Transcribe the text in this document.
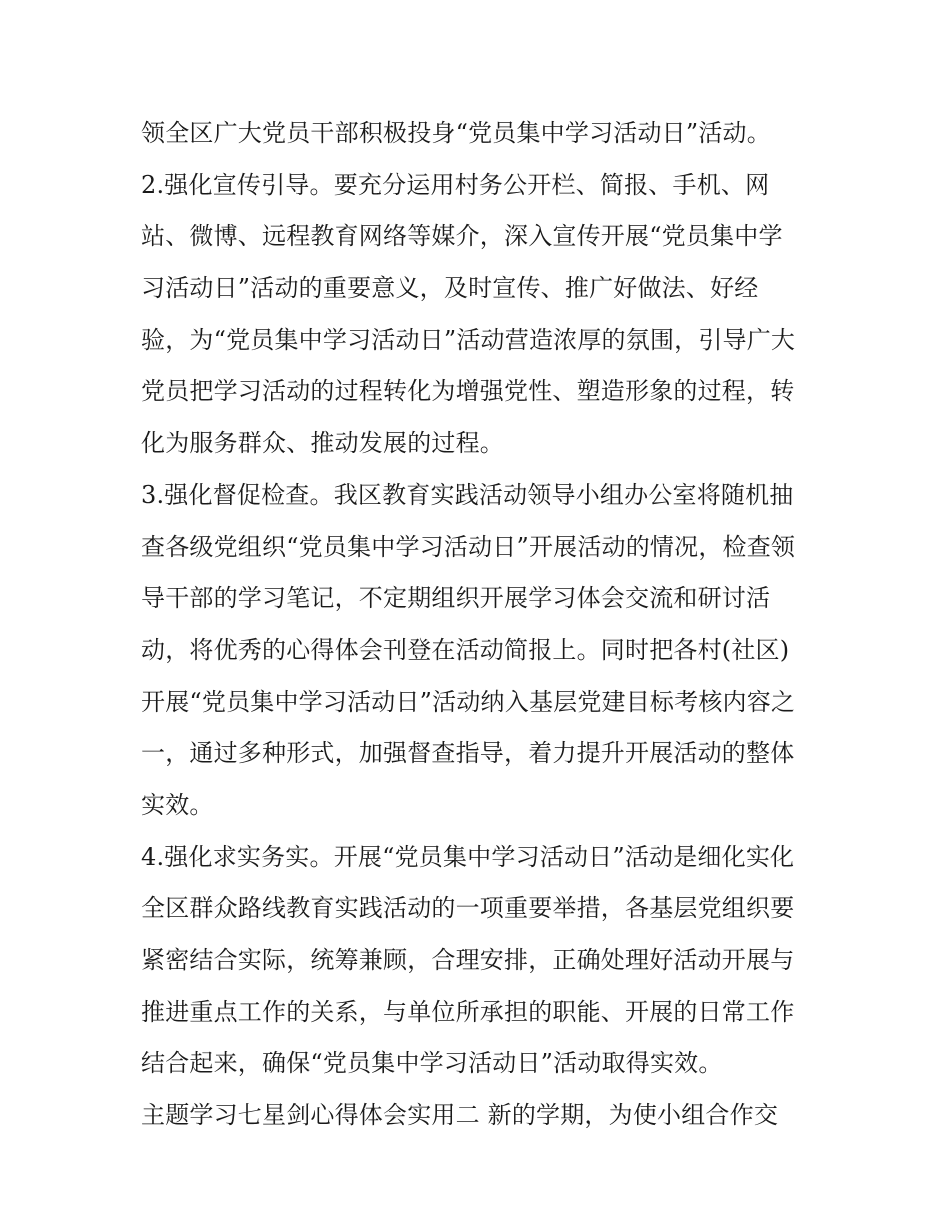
领全区广大党员干部积极投身“党员集中学习活动日”活动。
2.强化宣传引导。要充分运用村务公开栏、简报、手机、网
站、微博、远程教育网络等媒介，深入宣传开展“党员集中学
习活动日”活动的重要意义，及时宣传、推广好做法、好经
验，为“党员集中学习活动日”活动营造浓厚的氛围，引导广大
党员把学习活动的过程转化为增强党性、塑造形象的过程，转
化为服务群众、推动发展的过程。
3.强化督促检查。我区教育实践活动领导小组办公室将随机抽
查各级党组织“党员集中学习活动日”开展活动的情况，检查领
导干部的学习笔记，不定期组织开展学习体会交流和研讨活
动，将优秀的心得体会刊登在活动简报上。同时把各村(社区)
开展“党员集中学习活动日”活动纳入基层党建目标考核内容之
一，通过多种形式，加强督查指导，着力提升开展活动的整体
实效。
4.强化求实务实。开展“党员集中学习活动日”活动是细化实化
全区群众路线教育实践活动的一项重要举措，各基层党组织要
紧密结合实际，统筹兼顾，合理安排，正确处理好活动开展与
推进重点工作的关系，与单位所承担的职能、开展的日常工作
结合起来，确保“党员集中学习活动日”活动取得实效。
主题学习七星剑心得体会实用二 新的学期，为使小组合作交
